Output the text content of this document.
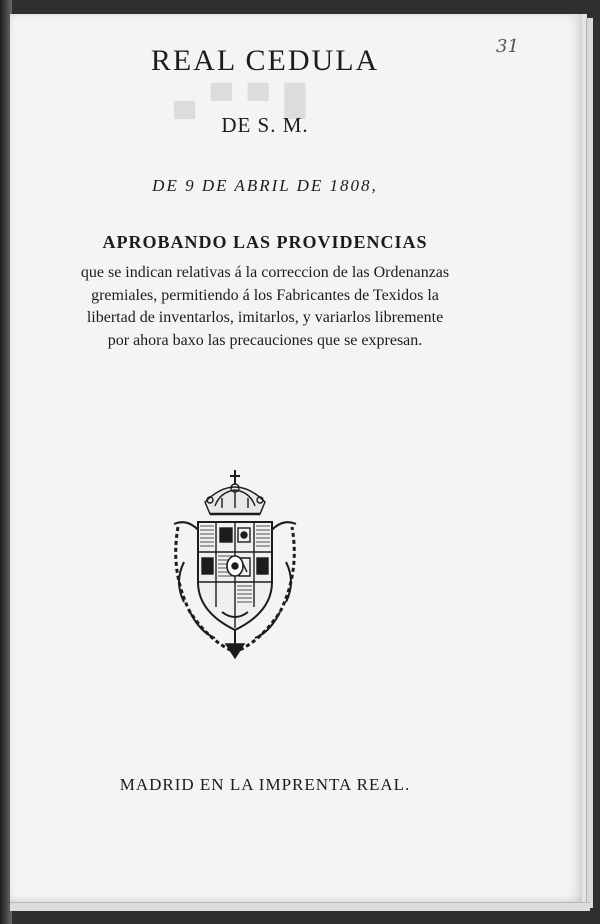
█ ▀ ▀ ▄
31
REAL CEDULA
DE S. M.
DE 9 DE ABRIL DE 1808,
APROBANDO LAS PROVIDENCIAS
que se indican relativas á la correccion de las Ordenanzas
gremiales, permitiendo á los Fabricantes de Texidos la
libertad de inventarlos, imitarlos, y variarlos libremente
por ahora baxo las precauciones que se expresan.
MADRID EN LA IMPRENTA REAL.
